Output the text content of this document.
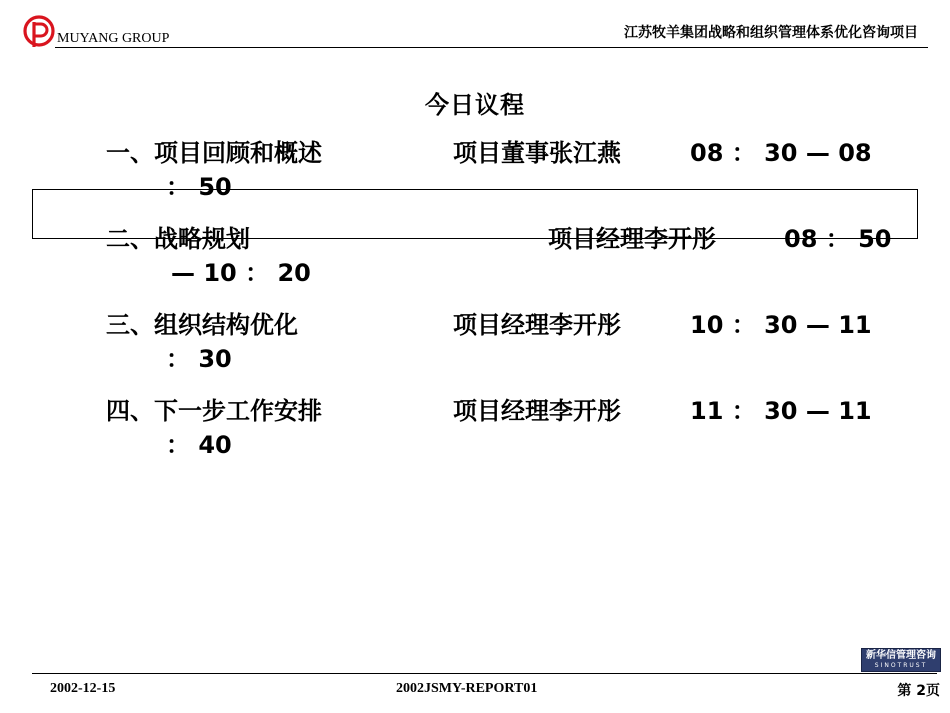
MUYANG GROUP	江苏牧羊集团战略和组织管理体系优化咨询项目
今日议程
一、项目回顾和概述	项目董事张江燕	08 ： 30 — 08
： 50
二、战略规划	项目经理李开彤	08 ： 50
— 10 ： 20
三、组织结构优化	项目经理李开彤	10 ： 30 — 11
： 30
四、下一步工作安排	项目经理李开彤	11 ： 30 — 11
： 40
新华信管理咨询
SINOTRUST
2002-12-15	2002JSMY-REPORT01	第 2页
